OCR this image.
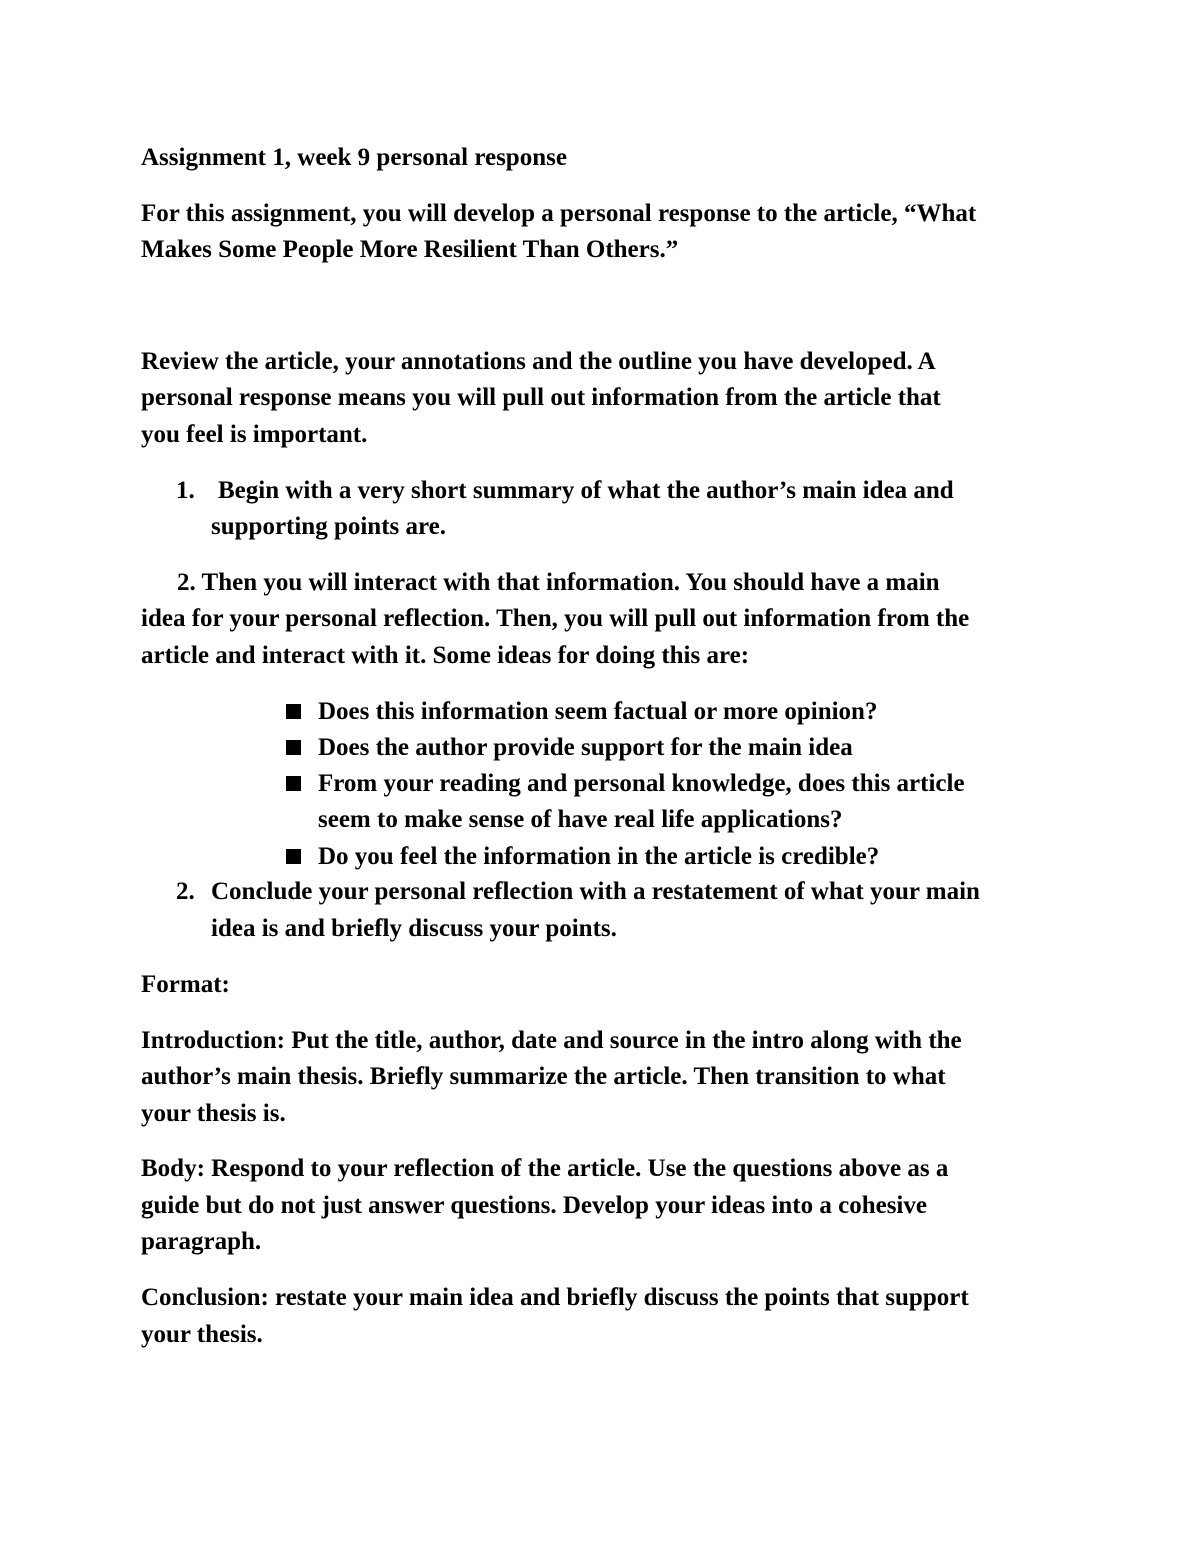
Assignment 1, week 9 personal response
For this assignment, you will develop a personal response to the article, “What
Makes Some People More Resilient Than Others.”
Review the article, your annotations and the outline you have developed. A
personal response means you will pull out information from the article that
you feel is important.
1. Begin with a very short summary of what the author’s main idea and
supporting points are.
2. Then you will interact with that information. You should have a main
idea for your personal reflection. Then, you will pull out information from the
article and interact with it. Some ideas for doing this are:
Does this information seem factual or more opinion?
Does the author provide support for the main idea
From your reading and personal knowledge, does this article
seem to make sense of have real life applications?
Do you feel the information in the article is credible?
2. Conclude your personal reflection with a restatement of what your main
idea is and briefly discuss your points.
Format:
Introduction: Put the title, author, date and source in the intro along with the
author’s main thesis. Briefly summarize the article. Then transition to what
your thesis is.
Body: Respond to your reflection of the article. Use the questions above as a
guide but do not just answer questions. Develop your ideas into a cohesive
paragraph.
Conclusion: restate your main idea and briefly discuss the points that support
your thesis.
